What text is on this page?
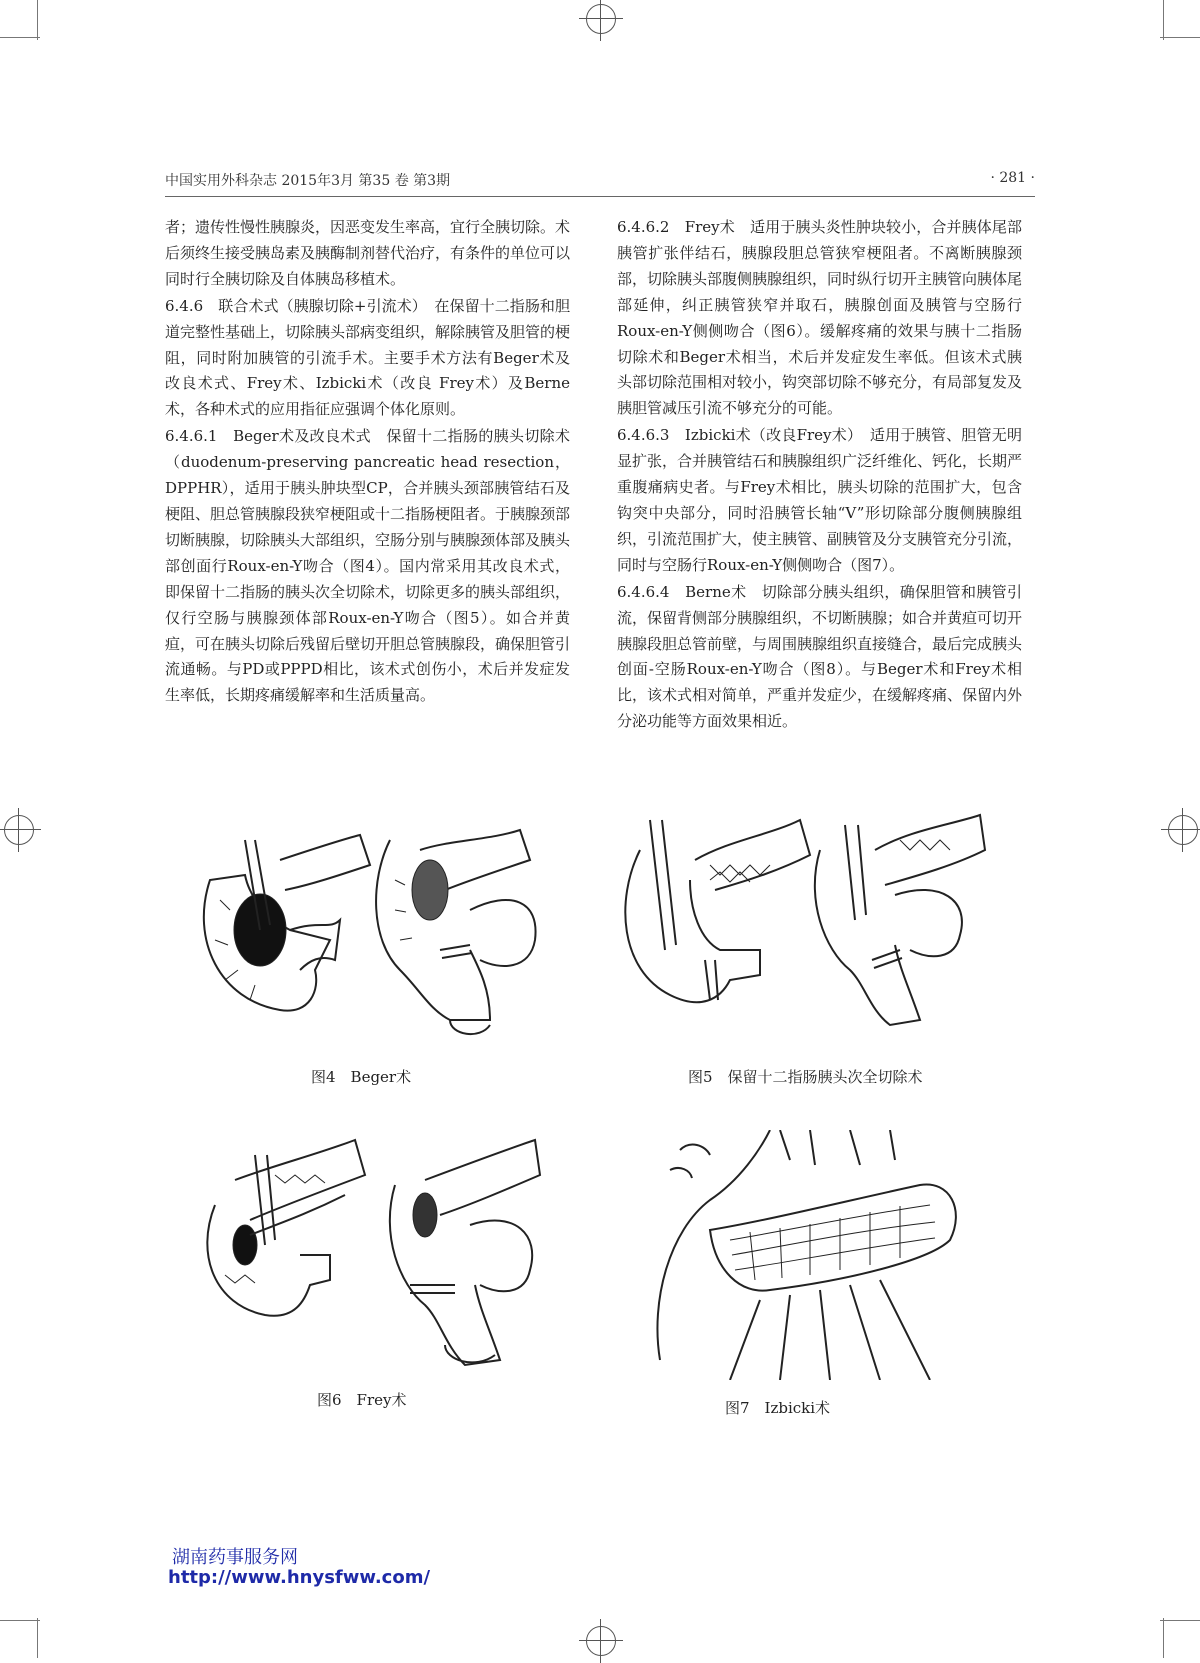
中国实用外科杂志 2015年3月 第35 卷 第3期	· 281 ·

者；遗传性慢性胰腺炎，因恶变发生率高，宜行全胰切除。术后须终生接受胰岛素及胰酶制剂替代治疗，有条件的单位可以同时行全胰切除及自体胰岛移植术。

6.4.6　联合术式（胰腺切除+引流术）　在保留十二指肠和胆道完整性基础上，切除胰头部病变组织，解除胰管及胆管的梗阻，同时附加胰管的引流手术。主要手术方法有Beger术及改良术式、Frey术、Izbicki术（改良 Frey术）及Berne术，各种术式的应用指征应强调个体化原则。

6.4.6.1　Beger术及改良术式　保留十二指肠的胰头切除术（duodenum-preserving pancreatic head resection，DPPHR），适用于胰头肿块型CP，合并胰头颈部胰管结石及梗阻、胆总管胰腺段狭窄梗阻或十二指肠梗阻者。于胰腺颈部切断胰腺，切除胰头大部组织，空肠分别与胰腺颈体部及胰头部创面行Roux-en-Y吻合（图4）。国内常采用其改良术式，即保留十二指肠的胰头次全切除术，切除更多的胰头部组织，仅行空肠与胰腺颈体部Roux-en-Y吻合（图5）。如合并黄疸，可在胰头切除后残留后壁切开胆总管胰腺段，确保胆管引流通畅。与PD或PPPD相比，该术式创伤小，术后并发症发生率低，长期疼痛缓解率和生活质量高。

6.4.6.2　Frey术　适用于胰头炎性肿块较小，合并胰体尾部胰管扩张伴结石，胰腺段胆总管狭窄梗阻者。不离断胰腺颈部，切除胰头部腹侧胰腺组织，同时纵行切开主胰管向胰体尾部延伸，纠正胰管狭窄并取石，胰腺创面及胰管与空肠行Roux-en-Y侧侧吻合（图6）。缓解疼痛的效果与胰十二指肠切除术和Beger术相当，术后并发症发生率低。但该术式胰头部切除范围相对较小，钩突部切除不够充分，有局部复发及胰胆管减压引流不够充分的可能。

6.4.6.3　Izbicki术（改良Frey术）　适用于胰管、胆管无明显扩张，合并胰管结石和胰腺组织广泛纤维化、钙化，长期严重腹痛病史者。与Frey术相比，胰头切除的范围扩大，包含钩突中央部分，同时沿胰管长轴“V”形切除部分腹侧胰腺组织，引流范围扩大，使主胰管、副胰管及分支胰管充分引流，同时与空肠行Roux-en-Y侧侧吻合（图7）。

6.4.6.4　Berne术　切除部分胰头组织，确保胆管和胰管引流，保留背侧部分胰腺组织，不切断胰腺；如合并黄疸可切开胰腺段胆总管前壁，与周围胰腺组织直接缝合，最后完成胰头创面-空肠Roux-en-Y吻合（图8）。与Beger术和Frey术相比，该术式相对简单，严重并发症少，在缓解疼痛、保留内外分泌功能等方面效果相近。

图4　Beger术	图5　保留十二指肠胰头次全切除术
图6　Frey术	图7　Izbicki术
湖南药事服务网
http://www.hnysfww.com/
